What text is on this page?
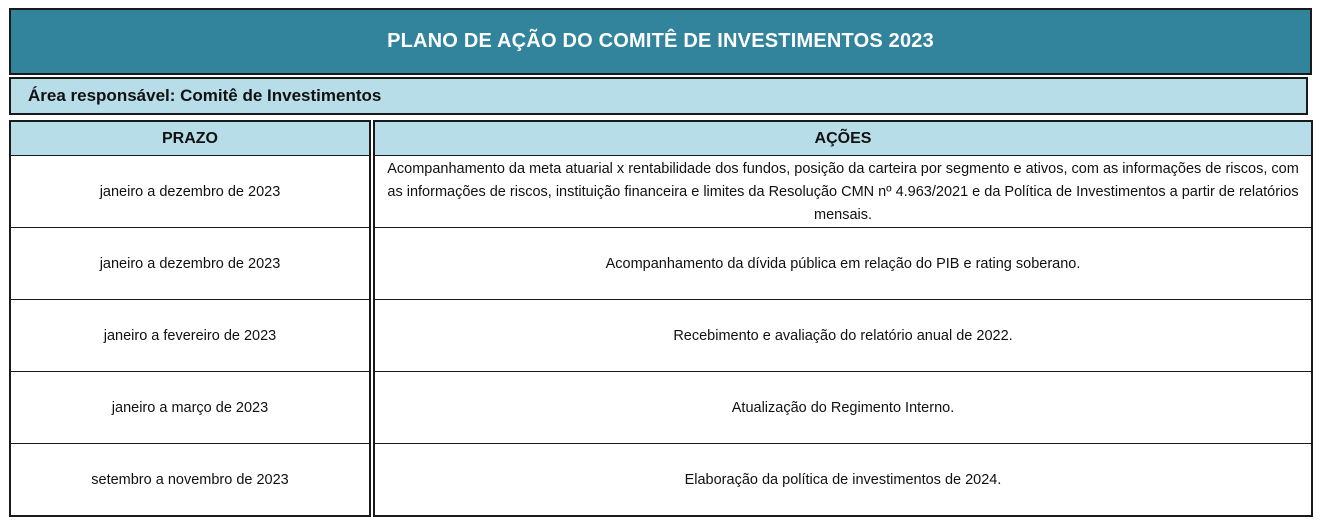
PLANO DE AÇÃO DO COMITÊ DE INVESTIMENTOS 2023
Área responsável: Comitê de Investimentos
PRAZO
janeiro a dezembro de 2023
janeiro a dezembro de 2023
janeiro a fevereiro de 2023
janeiro a março de 2023
setembro a novembro de 2023
AÇÕES
Acompanhamento da meta atuarial x rentabilidade dos fundos, posição da carteira por segmento e ativos, com as informações de riscos, com as informações de riscos, instituição financeira e limites da Resolução CMN nº 4.963/2021 e da Política de Investimentos a partir de relatórios mensais.
Acompanhamento da dívida pública em relação do PIB e rating soberano.
Recebimento e avaliação do relatório anual de 2022.
Atualização do Regimento Interno.
Elaboração da política de investimentos de 2024.
